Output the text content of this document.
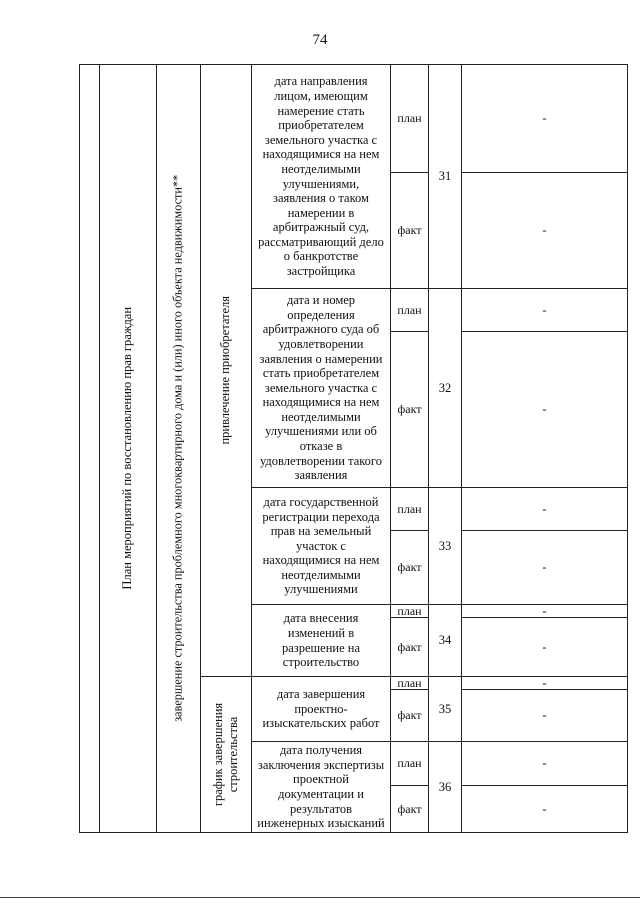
74
План мероприятий по восстановлению прав граждан	завершение строительства проблемного многоквартирного дома и (или) иного объекта недвижимости**	привлечение приобретателя
график завершения строительства
дата направления лицом, имеющим намерение стать приобретателем земельного участка с находящимися на нем неотделимыми улучшениями, заявления о таком намерении в арбитражный суд, рассматривающий дело о банкротстве застройщика
план
факт
31
-
-
дата и номер определения арбитражного суда об удовлетворении заявления о намерении стать приобретателем земельного участка с находящимися на нем неотделимыми улучшениями или об отказе в удовлетворении такого заявления
план
факт
32
-
-
дата государственной регистрации перехода прав на земельный участок с находящимися на нем неотделимыми улучшениями
план
факт
33
-
-
дата внесения изменений в разрешение на строительство
план
факт 34
-
-
дата завершения проектно-изыскательских работ
план
факт 35
-
-
дата получения заключения экспертизы проектной документации и результатов инженерных изысканий
план
факт
36
-
-
